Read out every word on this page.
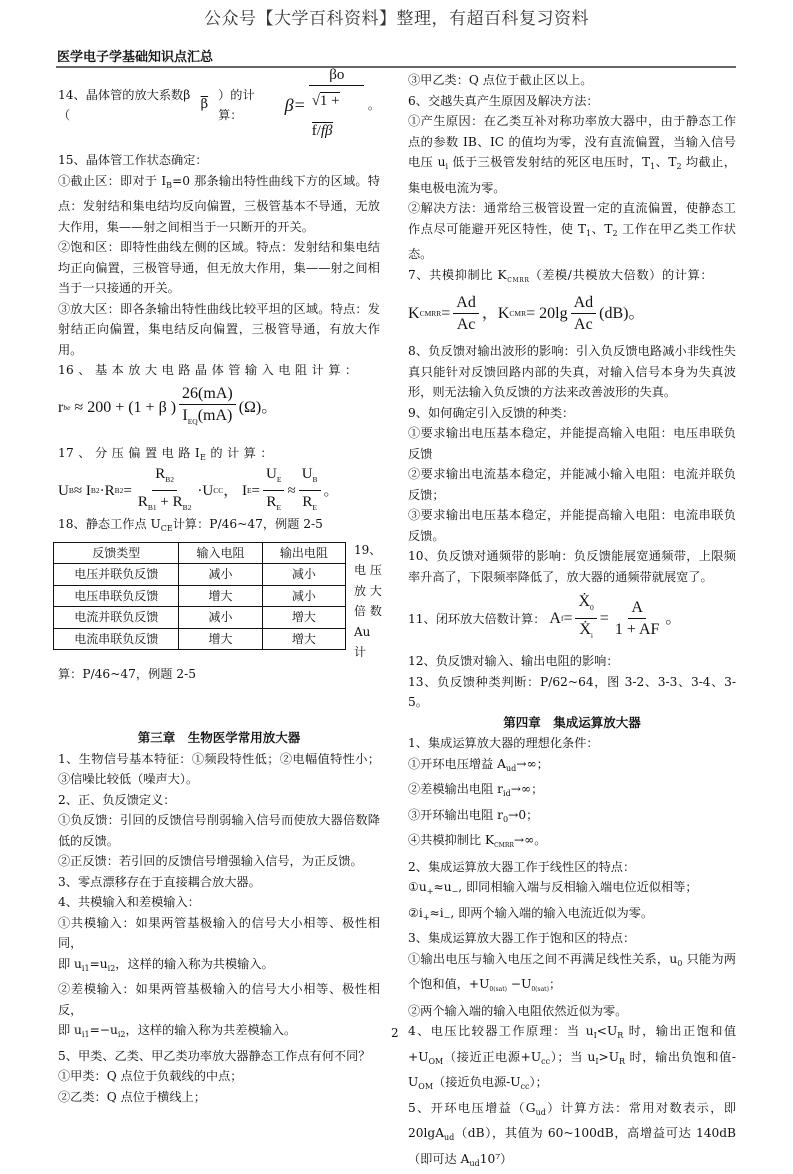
公众号【大学百科资料】整理，有超百科复习资料
医学电子学基础知识点汇总
14、晶体管的放大系数β（
$\overline{\beta}$
）的计算：
$\beta= \frac{\beta o}{√1 + f/f\beta}$ 。

15、晶体管工作状态确定：

①截止区：即对于 $I_B=0$ 那条输出特性曲线下方的区域。特点：发射结和集电结均反向偏置，三极管基本不导通，无放大作用，集——射之间相当于一只断开的开关。

②饱和区：即特性曲线左侧的区域。特点：发射结和集电结均正向偏置，三极管导通，但无放大作用，集——射之间相当于一只接通的开关。

③放大区：即各条输出特性曲线比较平坦的区域。特点：发射结正向偏置，集电结反向偏置，三极管导通，有放大作用。

16 、 基 本 放 大 电 路 晶 体 管 输 入 电 阻 计 算 ：

r be ≈ 200 + (1 + β ) $\frac{26(mA)}{I_{EQ}(mA)} (\Omega)$。

17 、 分 压 偏 置 电 路 $I_E$ 的 计 算 ：

U B ≈ I B2 ·R $B2 = \frac{R_{B2}}{R_{B1} + R_{B2}} \cdot U$ CC ， I $E = \frac{U_E}{R_E} \approx \frac{U_B}{R_E}$ 。

18、静态工作点 $U_{CE}$计算：P/46~47，例题 2-5

反馈类型	输入电阻	输出电阻
电压并联负反馈	减小	减小
电压串联负反馈	增大	减小
电流并联负反馈	减小	增大
电流串联负反馈	增大	增大
19、
电 压
放 大
倍 数
Au
计

算：P/46~47，例题 2-5

第三章　生物医学常用放大器

1、生物信号基本特征：①频段特性低；②电幅值特性小；③信噪比较低（噪声大）。

2、正、负反馈定义：

①负反馈：引回的反馈信号削弱输入信号而使放大器倍数降低的反馈。

②正反馈：若引回的反馈信号增强输入信号，为正反馈。

3、零点漂移存在于直接耦合放大器。

4、共模输入和差模输入：

①共模输入：如果两管基极输入的信号大小相等、极性相同，

即 $u_{i1}=u_{i2}$，这样的输入称为共模输入。

②差模输入：如果两管基极输入的信号大小相等、极性相反，

即 $u_{i1}=-u_{i2}$，这样的输入称为共差模输入。

5、甲类、乙类、甲乙类功率放大器静态工作点有何不同？

①甲类：Q 点位于负载线的中点；

②乙类：Q 点位于横线上；

③甲乙类：Q 点位于截止区以上。

6、交越失真产生原因及解决方法：

①产生原因：在乙类互补对称功率放大器中，由于静态工作点的参数 IB、IC 的值均为零，没有直流偏置，当输入信号电压 $u_i$ 低于三极管发射结的死区电压时，$T_1$、$T_2$ 均截止，集电极电流为零。

②解决方法：通常给三极管设置一定的直流偏置，使静态工作点尽可能避开死区特性，使 $T_1$、$T_2$ 工作在甲乙类工作状态。

7、共模抑制比 $K_{CMRR}$（差模/共模放大倍数）的计算：

K CMRR = $\frac{Ad}{Ac}$ ， K CMR = $20\lg \frac{Ad}{Ac} (dB)$。

8、负反馈对输出波形的影响：引入负反馈电路减小非线性失真只能针对反馈回路内部的失真，对输入信号本身为失真波形，则无法输入负反馈的方法来改善波形的失真。

9、如何确定引入反馈的种类：

①要求输出电压基本稳定，并能提高输入电阻：电压串联负反馈

②要求输出电流基本稳定，并能减小输入电阻：电流并联负反馈；

③要求输出电压基本稳定，并能提高输入电阻：电流串联负反馈。

10、负反馈对通频带的影响：负反馈能展宽通频带，上限频率升高了，下限频率降低了，放大器的通频带就展宽了。

11、闭环放大倍数计算： A $f = \frac{Ẋ_0}{Ẋ_i} = \frac{A}{1 + AF}$ 。

12、负反馈对输入、输出电阻的影响：

13、负反馈种类判断：P/62~64，图 3-2、3-3、3-4、3-5。

第四章　集成运算放大器

1、集成运算放大器的理想化条件：

①开环电压增益 $A_{ud}\to\infty$；

②差模输出电阻 $r_{id}\to\infty$；

③开环输出电阻 $r_0\to 0$；

④共模抑制比 $K_{CMRR}\to\infty$。

2、集成运算放大器工作于线性区的特点：

$①u_+\approx u_-$, 即同相输入端与反相输入端电位近似相等；

$②i_+\approx i_-$, 即两个输入端的输入电流近似为零。

3、集成运算放大器工作于饱和区的特点：

①输出电压与输入电压之间不再满足线性关系，$u_0$ 只能为两个饱和值，$+U_{0(sat)} -U_{0(sat)}$；

②两个输入端的输入电阻依然近似为零。

4、电压比较器工作原理：当 $u_I<U_R$ 时，输出正饱和值$+U_{OM}$（接近正电源$+U_{cc}$）；当 $u_I>U_R$ 时，输出负饱和值$-U_{OM}$（接近负电源$-U_{cc}$）；

5、开环电压增益$(G_{ud})$计算方法：常用对数表示，即20lgA$_{ud}$（dB），其值为 60~100dB，高增益可达 140dB（即可达 $A_{ud}10^7$）

2
